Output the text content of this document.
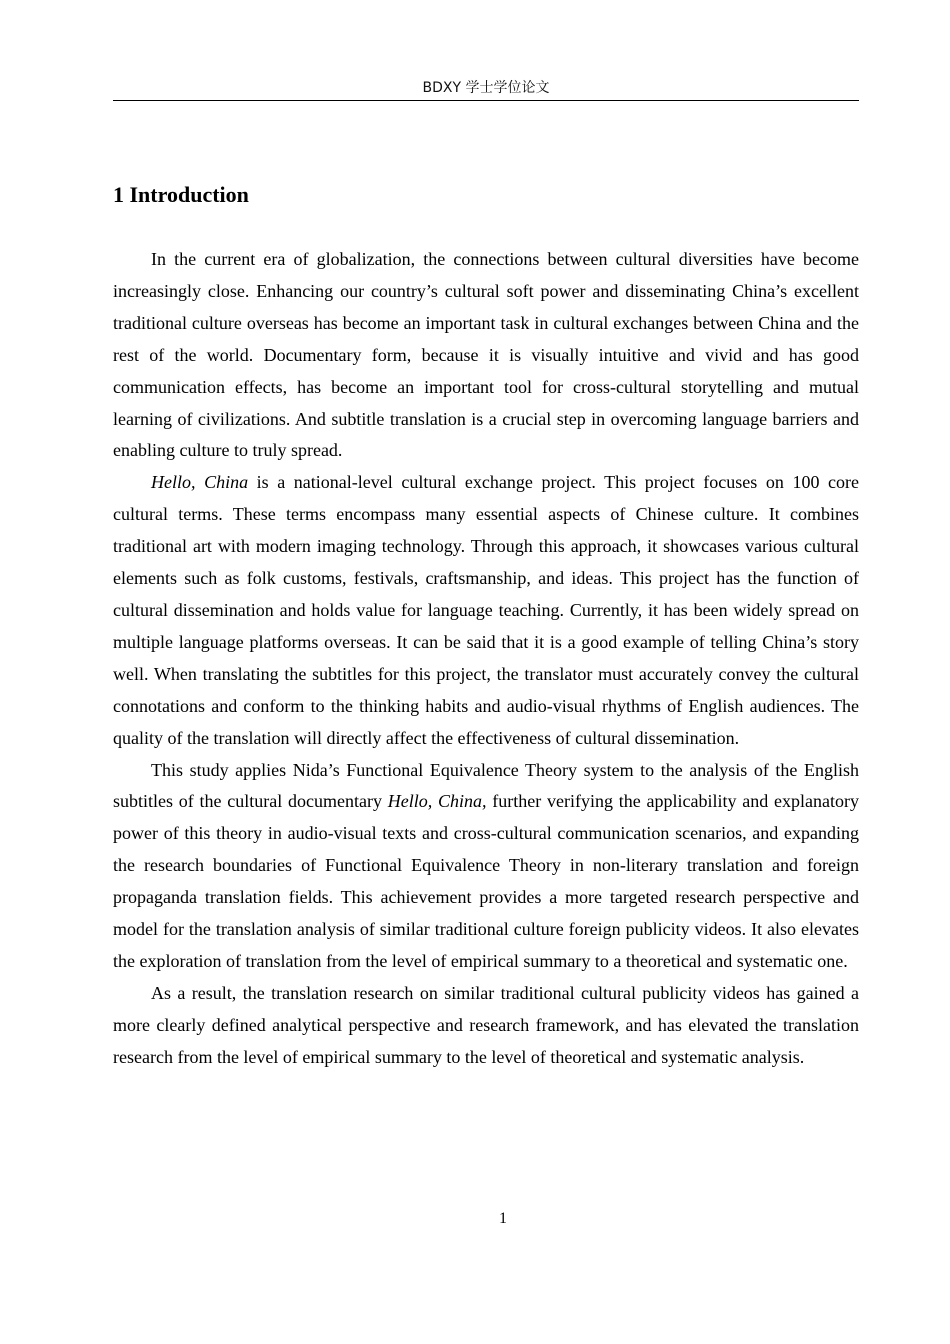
BDXY 学士学位论文
1 Introduction

In the current era of globalization, the connections between cultural diversities have become increasingly close. Enhancing our country’s cultural soft power and disseminating China’s excellent traditional culture overseas has become an important task in cultural exchanges between China and the rest of the world. Documentary form, because it is visually intuitive and vivid and has good communication effects, has become an important tool for cross-cultural storytelling and mutual learning of civilizations. And subtitle translation is a crucial step in overcoming language barriers and enabling culture to truly spread.

Hello, China is a national-level cultural exchange project. This project focuses on 100 core cultural terms. These terms encompass many essential aspects of Chinese culture. It combines traditional art with modern imaging technology. Through this approach, it showcases various cultural elements such as folk customs, festivals, craftsmanship, and ideas. This project has the function of cultural dissemination and holds value for language teaching. Currently, it has been widely spread on multiple language platforms overseas. It can be said that it is a good example of telling China’s story well. When translating the subtitles for this project, the translator must accurately convey the cultural connotations and conform to the thinking habits and audio-visual rhythms of English audiences. The quality of the translation will directly affect the effectiveness of cultural dissemination.

This study applies Nida’s Functional Equivalence Theory system to the analysis of the English subtitles of the cultural documentary Hello, China, further verifying the applicability and explanatory power of this theory in audio-visual texts and cross-cultural communication scenarios, and expanding the research boundaries of Functional Equivalence Theory in non-literary translation and foreign propaganda translation fields. This achievement provides a more targeted research perspective and model for the translation analysis of similar traditional culture foreign publicity videos. It also elevates the exploration of translation from the level of empirical summary to a theoretical and systematic one.

As a result, the translation research on similar traditional cultural publicity videos has gained a more clearly defined analytical perspective and research framework, and has elevated the translation research from the level of empirical summary to the level of theoretical and systematic analysis.

1
